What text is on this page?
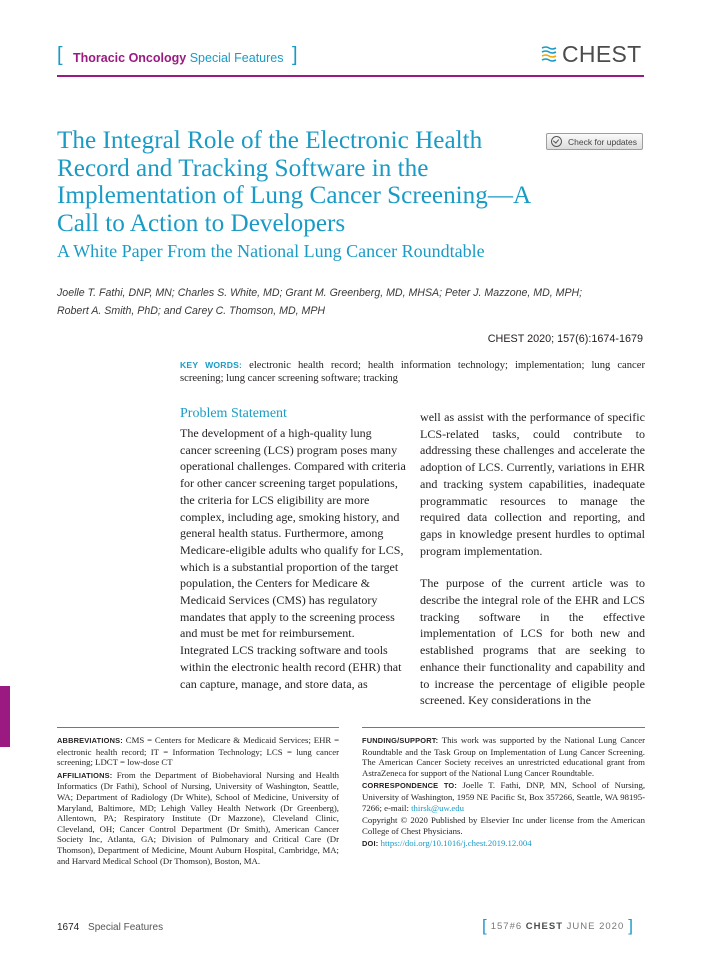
[ Thoracic Oncology Special Features ]	CHEST
The Integral Role of the Electronic Health Record and Tracking Software in the Implementation of Lung Cancer Screening—A Call to Action to Developers
A White Paper From the National Lung Cancer Roundtable
Check for updates
Joelle T. Fathi, DNP, MN; Charles S. White, MD; Grant M. Greenberg, MD, MHSA; Peter J. Mazzone, MD, MPH;
Robert A. Smith, PhD; and Carey C. Thomson, MD, MPH
CHEST 2020; 157(6):1674-1679
KEY WORDS: electronic health record; health information technology; implementation; lung cancer screening; lung cancer screening software; tracking
Problem Statement

The development of a high-quality lung cancer screening (LCS) program poses many operational challenges. Compared with criteria for other cancer screening target populations, the criteria for LCS eligibility are more complex, including age, smoking history, and general health status. Furthermore, among Medicare-eligible adults who qualify for LCS, which is a substantial proportion of the target population, the Centers for Medicare & Medicaid Services (CMS) has regulatory mandates that apply to the screening process and must be met for reimbursement. Integrated LCS tracking software and tools within the electronic health record (EHR) that can capture, manage, and store data, as

well as assist with the performance of specific LCS-related tasks, could contribute to addressing these challenges and accelerate the adoption of LCS. Currently, variations in EHR and tracking system capabilities, inadequate programmatic resources to manage the required data collection and reporting, and gaps in knowledge present hurdles to optimal program implementation.

The purpose of the current article was to describe the integral role of the EHR and LCS tracking software in the effective implementation of LCS for both new and established programs that are seeking to enhance their functionality and capability and to increase the percentage of eligible people screened. Key considerations in the

ABBREVIATIONS: CMS = Centers for Medicare & Medicaid Services; EHR = electronic health record; IT = Information Technology; LCS = lung cancer screening; LDCT = low-dose CT

AFFILIATIONS: From the Department of Biobehavioral Nursing and Health Informatics (Dr Fathi), School of Nursing, University of Washington, Seattle, WA; Department of Radiology (Dr White), School of Medicine, University of Maryland, Baltimore, MD; Lehigh Valley Health Network (Dr Greenberg), Allentown, PA; Respiratory Institute (Dr Mazzone), Cleveland Clinic, Cleveland, OH; Cancer Control Department (Dr Smith), American Cancer Society Inc, Atlanta, GA; Division of Pulmonary and Critical Care (Dr Thomson), Department of Medicine, Mount Auburn Hospital, Cambridge, MA; and Harvard Medical School (Dr Thomson), Boston, MA.

FUNDING/SUPPORT: This work was supported by the National Lung Cancer Roundtable and the Task Group on Implementation of Lung Cancer Screening. The American Cancer Society receives an unrestricted educational grant from AstraZeneca for support of the National Lung Cancer Roundtable.

CORRESPONDENCE TO: Joelle T. Fathi, DNP, MN, School of Nursing, University of Washington, 1959 NE Pacific St, Box 357266, Seattle, WA 98195-7266; e-mail: thirsk@uw.edu

Copyright © 2020 Published by Elsevier Inc under license from the American College of Chest Physicians.

DOI: https://doi.org/10.1016/j.chest.2019.12.004

1674 Special Features	[ 157#6 CHEST JUNE 2020 ]
